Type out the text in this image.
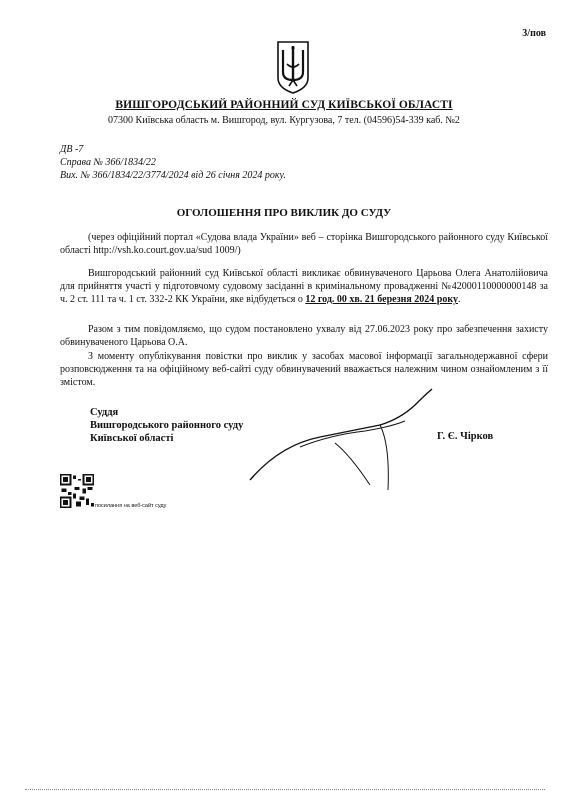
3/пов
ВИШГОРОДСЬКИЙ РАЙОННИЙ СУД КИЇВСЬКОЇ ОБЛАСТІ
07300 Київська область м. Вишгород, вул. Кургузова, 7 тел. (04596)54-339 каб. №2
ДВ -7
Справа № 366/1834/22
Вих. № 366/1834/22/3774/2024 від 26 січня 2024 року.
ОГОЛОШЕННЯ ПРО ВИКЛИК ДО СУДУ
(через офіційний портал «Судова влада України» веб – сторінка Вишгородського районного суду Київської області http://vsh.ko.court.gov.ua/sud 1009/)
Вишгородський районний суд Київської області викликає обвинуваченого Царьова Олега Анатолійовича для прийняття участі у підготовчому судовому засіданні в кримінальному провадженні №42000110000000148 за ч. 2 ст. 111 та ч. 1 ст. 332-2 КК України, яке відбудеться о 12 год. 00 хв. 21 березня 2024 року.
Разом з тим повідомляємо, що судом постановлено ухвалу від 27.06.2023 року про забезпечення захисту обвинуваченого Царьова О.А.
З моменту опублікування повістки про виклик у засобах масової інформації загальнодержавної сфери розповсюдження та на офіційному веб-сайті суду обвинувачений вважається належним чином ознайомленим з її змістом.
Суддя
Вишгородського районного суду
Київської області	Г. Є. Чірков
посилання на веб-сайт суду
